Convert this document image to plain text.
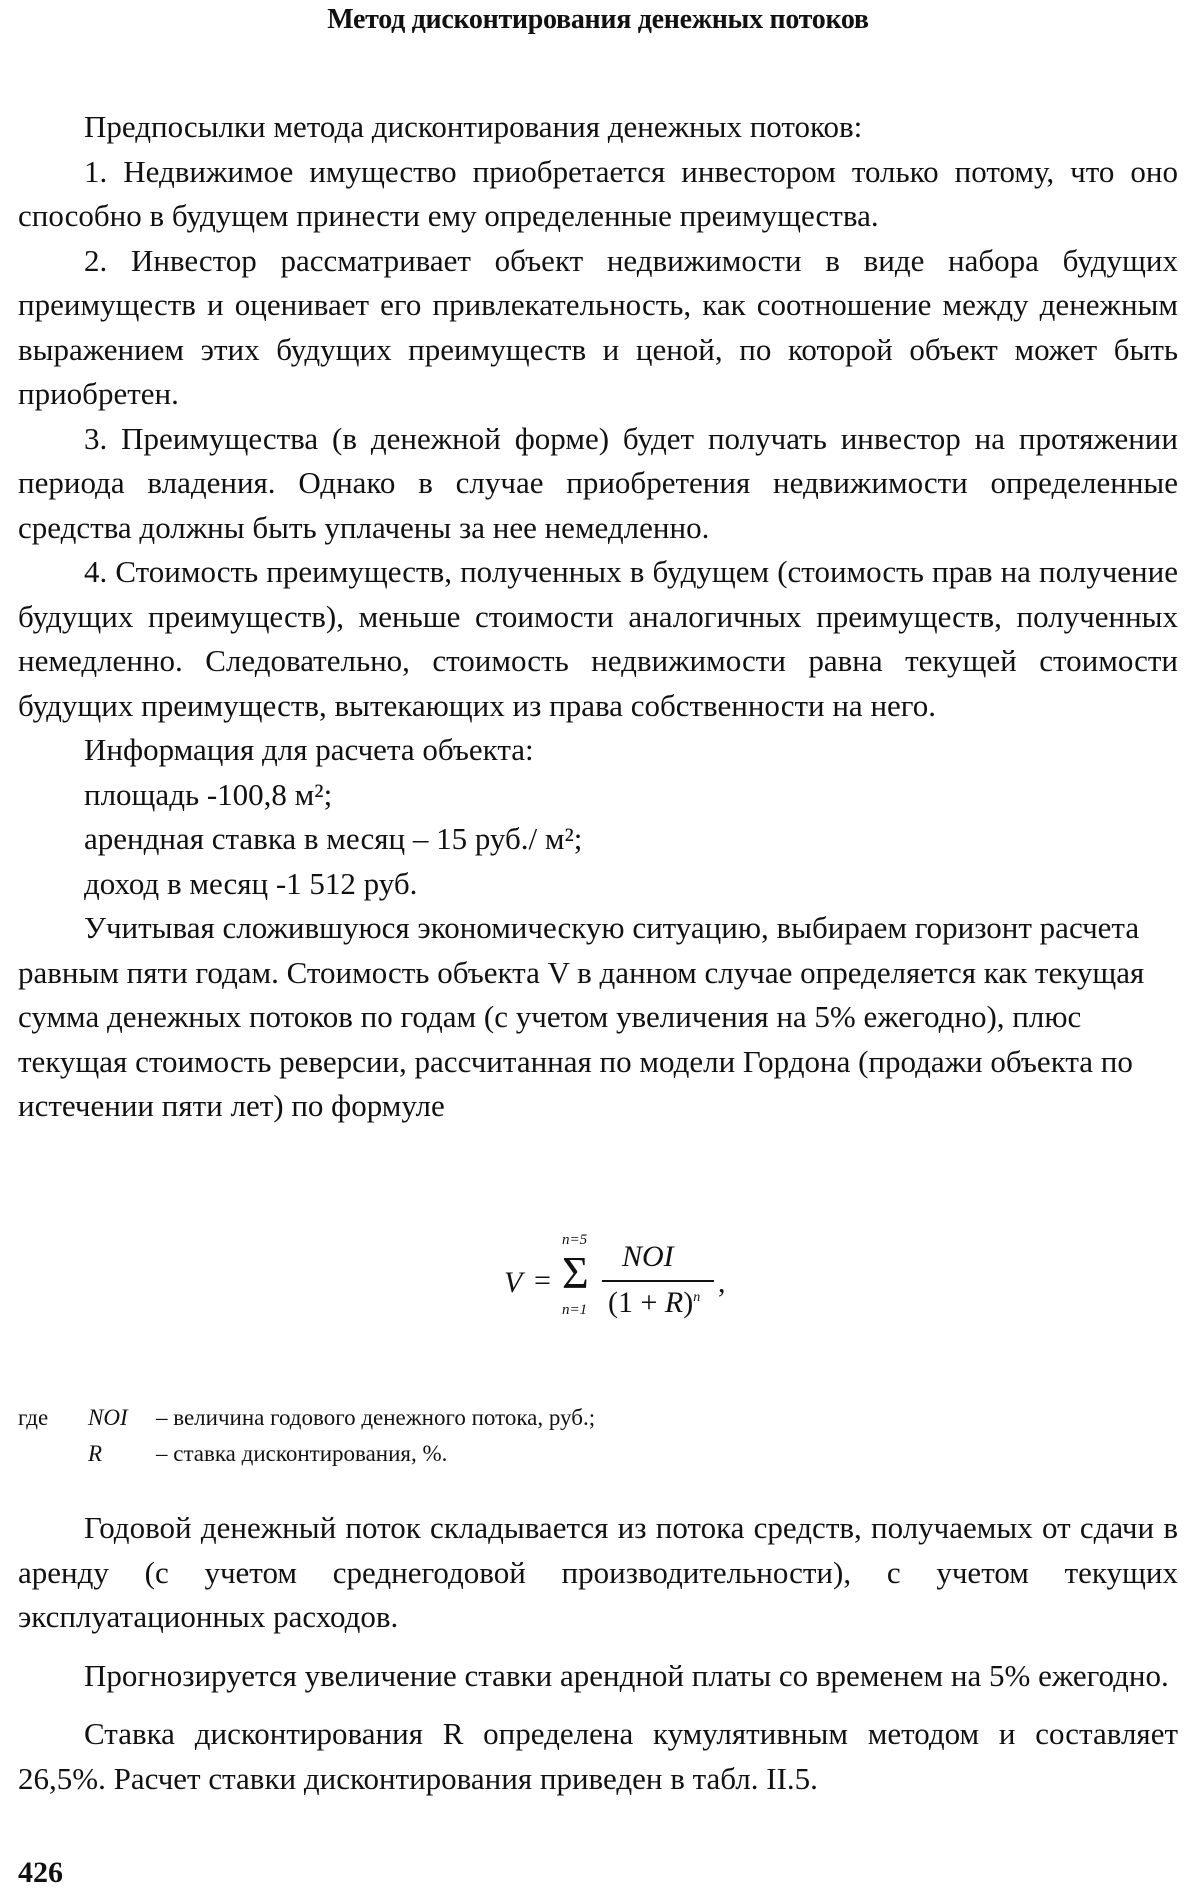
Метод дисконтирования денежных потоков

Предпосылки метода дисконтирования денежных потоков:

1. Недвижимое имущество приобретается инвестором только потому, что оно способно в будущем принести ему определенные преимущества.

2. Инвестор рассматривает объект недвижимости в виде набора будущих преимуществ и оценивает его привлекательность, как соотношение между денежным выражением этих будущих преимуществ и ценой, по которой объект может быть приобретен.

3. Преимущества (в денежной форме) будет получать инвестор на протяжении периода владения. Однако в случае приобретения недвижимости определенные средства должны быть уплачены за нее немедленно.

4. Стоимость преимуществ, полученных в будущем (стоимость прав на получение будущих преимуществ), меньше стоимости аналогичных преимуществ, полученных немедленно. Следовательно, стоимость недвижимости равна текущей стоимости будущих преимуществ, вытекающих из права собственности на него.

Информация для расчета объекта:

площадь -100,8 м²;

арендная ставка в месяц – 15 руб./ м²;

доход в месяц -1 512 руб.

Учитывая сложившуюся экономическую ситуацию, выбираем горизонт расчета равным пяти годам. Стоимость объекта V в данном случае определяется как текущая сумма денежных потоков по годам (с учетом увеличения на 5% ежегодно), плюс текущая стоимость реверсии, рассчитанная по модели Гордона (продажи объекта по истечении пяти лет) по формуле

V =
n=5
Σ
n=1
NOI
$(1 + R)^n$ ,
где NOI – величина годового денежного потока, руб.;
R – ставка дисконтирования, %.

Годовой денежный поток складывается из потока средств, получаемых от сдачи в аренду (с учетом среднегодовой производительности), с учетом текущих эксплуатационных расходов.

Прогнозируется увеличение ставки арендной платы со временем на 5% ежегодно.

Ставка дисконтирования R определена кумулятивным методом и составляет 26,5%. Расчет ставки дисконтирования приведен в табл. II.5.

426
